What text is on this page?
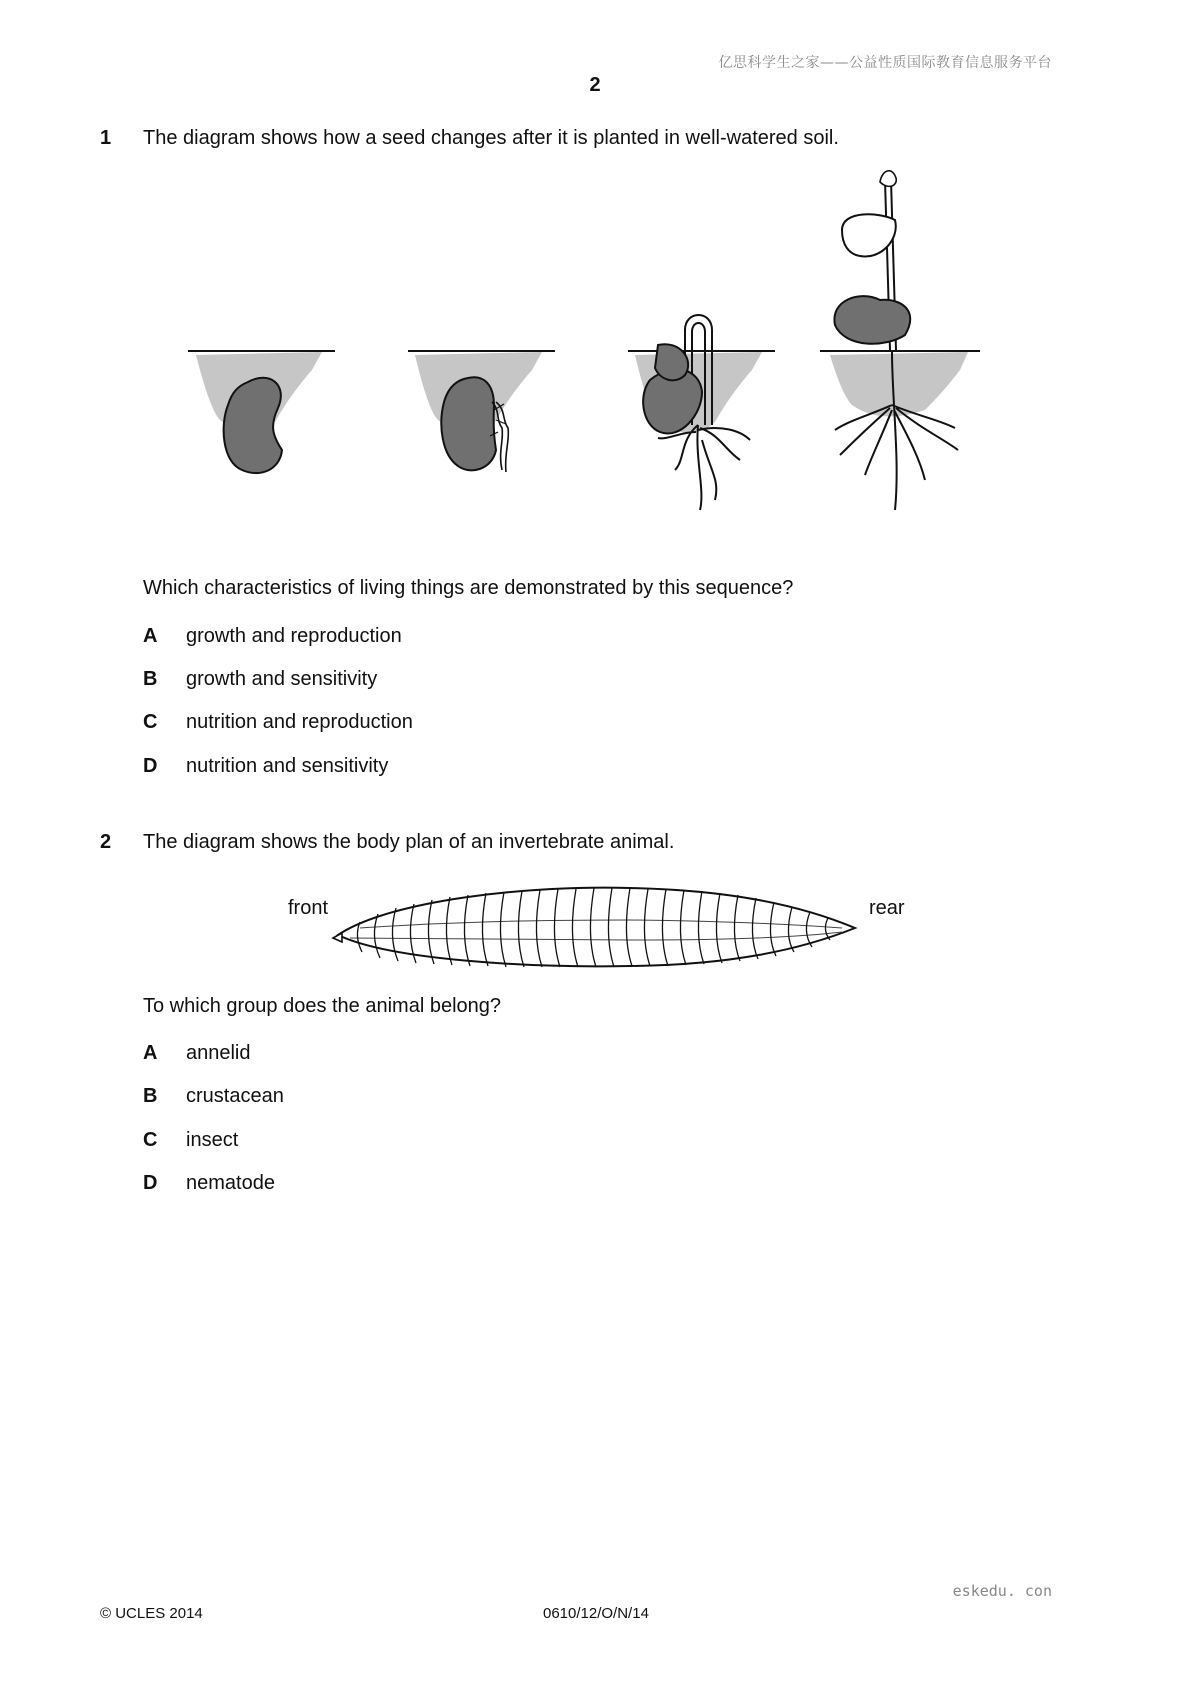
亿思科学生之家——公益性质国际教育信息服务平台
2
1 The diagram shows how a seed changes after it is planted in well-watered soil.
Which characteristics of living things are demonstrated by this sequence?
A growth and reproduction
B growth and sensitivity
C nutrition and reproduction
D nutrition and sensitivity
2 The diagram shows the body plan of an invertebrate animal.
front	rear
To which group does the animal belong?
A annelid
B crustacean
C insect
D nematode
eskedu. con
© UCLES 2014	0610/12/O/N/14
